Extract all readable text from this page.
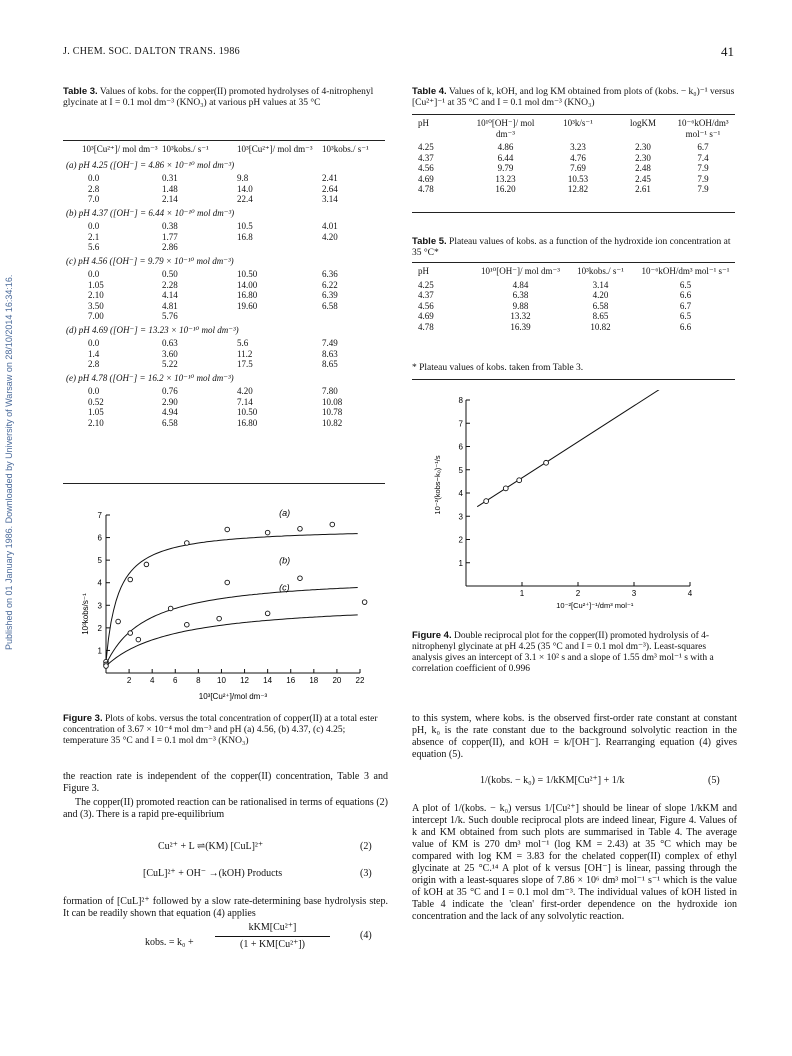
J. CHEM. SOC. DALTON TRANS. 1986	41
Published on 01 January 1986. Downloaded by University of Warsaw on 28/10/2014 16:34:16.
Table 3. Values of kobs. for the copper(II) promoted hydrolyses of 4-nitrophenyl glycinate at I = 0.1 mol dm⁻³ (KNO₃) at various pH values at 35 °C
10³[Cu²⁺]/ mol dm⁻³	10³kobs./ s⁻¹	10³[Cu²⁺]/ mol dm⁻³	10³kobs./ s⁻¹
(a) pH 4.25 ([OH⁻] = 4.86 × 10⁻¹⁰ mol dm⁻³)
0.0	0.31	9.8	2.41
2.8	1.48	14.0	2.64
7.0	2.14	22.4	3.14
(b) pH 4.37 ([OH⁻] = 6.44 × 10⁻¹⁰ mol dm⁻³)
0.0	0.38	10.5	4.01
2.1	1.77	16.8	4.20
5.6	2.86		
(c) pH 4.56 ([OH⁻] = 9.79 × 10⁻¹⁰ mol dm⁻³)
0.0	0.50	10.50	6.36
1.05	2.28	14.00	6.22
2.10	4.14	16.80	6.39
3.50	4.81	19.60	6.58
7.00	5.76		
(d) pH 4.69 ([OH⁻] = 13.23 × 10⁻¹⁰ mol dm⁻³)
0.0	0.63	5.6	7.49
1.4	3.60	11.2	8.63
2.8	5.22	17.5	8.65
(e) pH 4.78 ([OH⁻] = 16.2 × 10⁻¹⁰ mol dm⁻³)
0.0	0.76	4.20	7.80
0.52	2.90	7.14	10.08
1.05	4.94	10.50	10.78
2.10	6.58	16.80	10.82
2 4 6 8 10 12 14 16 18 20 22
1
2
3
4
5
6
7
10³[Cu²⁺]/mol dm⁻³
10³kobs/s⁻¹
(a)
(b)
(c)
Figure 3. Plots of kobs. versus the total concentration of copper(II) at a total ester concentration of 3.67 × 10⁻⁴ mol dm⁻³ and pH (a) 4.56, (b) 4.37, (c) 4.25; temperature 35 °C and I = 0.1 mol dm⁻³ (KNO₃)
the reaction rate is independent of the copper(II) concentration, Table 3 and Figure 3.
The copper(II) promoted reaction can be rationalised in terms of equations (2) and (3). There is a rapid pre-equilibrium
Cu²⁺ + L ⇌(KM) [CuL]²⁺	(2)
[CuL]²⁺ + OH⁻ →(kOH) Products	(3)
formation of [CuL]²⁺ followed by a slow rate-determining base hydrolysis step. It can be readily shown that equation (4) applies
kobs. = k₀ +
kKM[Cu²⁺]
(1 + KM[Cu²⁺])
(4)
Table 4. Values of k, kOH, and log KM obtained from plots of (kobs. − k₀)⁻¹ versus [Cu²⁺]⁻¹ at 35 °C and I = 0.1 mol dm⁻³ (KNO₃)
pH	10¹⁰[OH⁻]/ mol dm⁻³	10³k/s⁻¹	logKM	10⁻⁶kOH/dm³ mol⁻¹ s⁻¹
4.25	4.86	3.23	2.30	6.7
4.37	6.44	4.76	2.30	7.4
4.56	9.79	7.69	2.48	7.9
4.69	13.23	10.53	2.45	7.9
4.78	16.20	12.82	2.61	7.9
Table 5. Plateau values of kobs. as a function of the hydroxide ion concentration at 35 °C*
pH	10¹⁰[OH⁻]/ mol dm⁻³	10³kobs./ s⁻¹	10⁻⁶kOH/dm³ mol⁻¹ s⁻¹
4.25	4.84	3.14	6.5
4.37	6.38	4.20	6.6
4.56	9.88	6.58	6.7
4.69	13.32	8.65	6.5
4.78	16.39	10.82	6.6
* Plateau values of kobs. taken from Table 3.
1	2	3	4
1
2
3
4
5
6
7
8
10⁻²[Cu²⁺]⁻¹/dm³ mol⁻¹
10⁻²(kobs−k₀)⁻¹/s
Figure 4. Double reciprocal plot for the copper(II) promoted hydrolysis of 4-nitrophenyl glycinate at pH 4.25 (35 °C and I = 0.1 mol dm⁻³). Least-squares analysis gives an intercept of 3.1 × 10² s and a slope of 1.55 dm³ mol⁻¹ s with a correlation coefficient of 0.996
to this system, where kobs. is the observed first-order rate constant at constant pH, k₀ is the rate constant due to the background solvolytic reaction in the absence of copper(II), and kOH = k/[OH⁻]. Rearranging equation (4) gives equation (5).
1/(kobs. − k₀) = 1/kKM[Cu²⁺] + 1/k	(5)
A plot of 1/(kobs. − k₀) versus 1/[Cu²⁺] should be linear of slope 1/kKM and intercept 1/k. Such double reciprocal plots are indeed linear, Figure 4. Values of k and KM obtained from such plots are summarised in Table 4. The average value of KM is 270 dm³ mol⁻¹ (log KM = 2.43) at 35 °C which may be compared with log KM = 3.83 for the chelated copper(II) complex of ethyl glycinate at 25 °C.¹⁴ A plot of k versus [OH⁻] is linear, passing through the origin with a least-squares slope of 7.86 × 10⁶ dm³ mol⁻¹ s⁻¹ which is the value of kOH at 35 °C and I = 0.1 mol dm⁻³. The individual values of kOH listed in Table 4 indicate the 'clean' first-order dependence on the hydroxide ion concentration and the lack of any solvolytic reaction.
